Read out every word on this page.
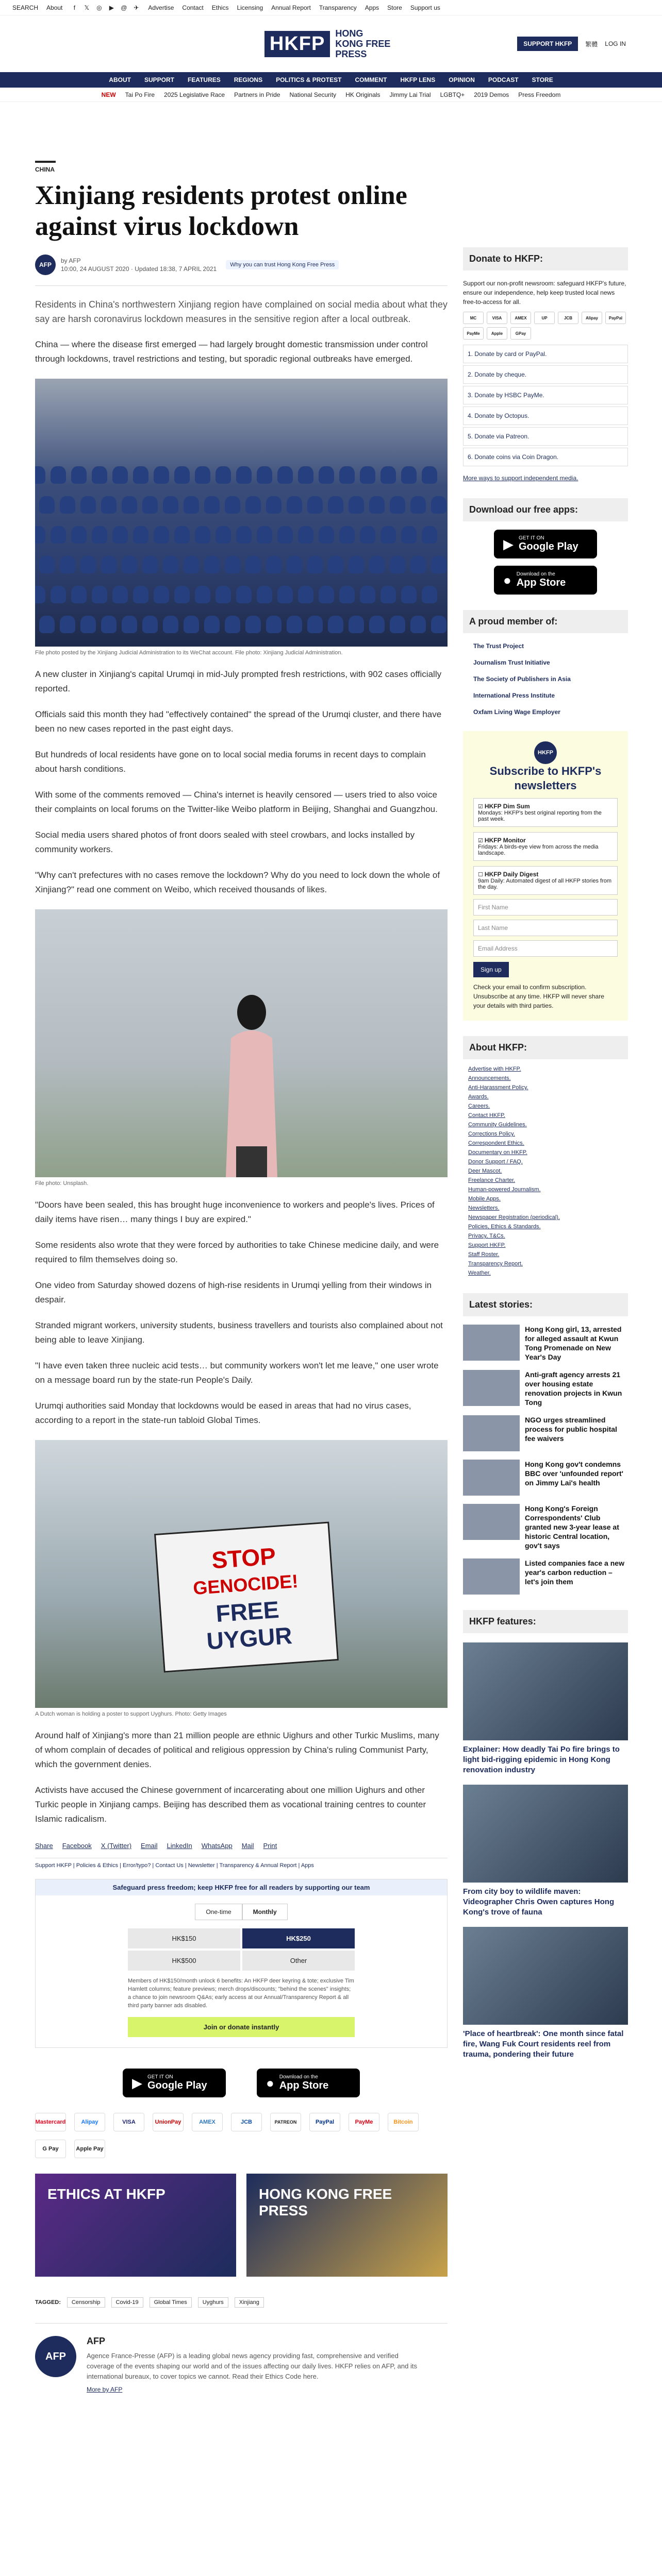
SEARCH About	f	𝕏 ◎ ▶ @ ✈ Advertise Contact Ethics Licensing Annual Report Transparency Apps Store Support us
HKFP	HONG KONG FREE PRESS
SUPPORT HKFP	繁體 LOG IN
ABOUT SUPPORT FEATURES REGIONS POLITICS & PROTEST COMMENT HKFP LENS OPINION PODCAST STORE
NEW Tai Po Fire 2025 Legislative Race Partners in Pride National Security HK Originals Jimmy Lai Trial LGBTQ+ 2019 Demos Press Freedom
CHINA
Xinjiang residents protest online against virus lockdown
AFP
by AFP
10:00, 24 AUGUST 2020 · Updated 18:38, 7 APRIL 2021
Why you can trust Hong Kong Free Press

Residents in China's northwestern Xinjiang region have complained on social media about what they say are harsh coronavirus lockdown measures in the sensitive region after a local outbreak.

China — where the disease first emerged — had largely brought domestic transmission under control through lockdowns, travel restrictions and testing, but sporadic regional outbreaks have emerged.

File photo posted by the Xinjiang Judicial Administration to its WeChat account. File photo: Xinjiang Judicial Administration.

A new cluster in Xinjiang's capital Urumqi in mid-July prompted fresh restrictions, with 902 cases officially reported.

Officials said this month they had "effectively contained" the spread of the Urumqi cluster, and there have been no new cases reported in the past eight days.

But hundreds of local residents have gone on to local social media forums in recent days to complain about harsh conditions.

With some of the comments removed — China's internet is heavily censored — users tried to also voice their complaints on local forums on the Twitter-like Weibo platform in Beijing, Shanghai and Guangzhou.

Social media users shared photos of front doors sealed with steel crowbars, and locks installed by community workers.

"Why can't prefectures with no cases remove the lockdown? Why do you need to lock down the whole of Xinjiang?" read one comment on Weibo, which received thousands of likes.

File photo: Unsplash.

"Doors have been sealed, this has brought huge inconvenience to workers and people's lives. Prices of daily items have risen… many things I buy are expired."

Some residents also wrote that they were forced by authorities to take Chinese medicine daily, and were required to film themselves doing so.

One video from Saturday showed dozens of high-rise residents in Urumqi yelling from their windows in despair.

Stranded migrant workers, university students, business travellers and tourists also complained about not being able to leave Xinjiang.

"I have even taken three nucleic acid tests… but community workers won't let me leave," one user wrote on a message board run by the state-run People's Daily.

Urumqi authorities said Monday that lockdowns would be eased in areas that had no virus cases, according to a report in the state-run tabloid Global Times.

STOP
GENOCIDE!
FREE
UYGUR
A Dutch woman is holding a poster to support Uyghurs. Photo: Getty Images

Around half of Xinjiang's more than 21 million people are ethnic Uighurs and other Turkic Muslims, many of whom complain of decades of political and religious oppression by China's ruling Communist Party, which the government denies.

Activists have accused the Chinese government of incarcerating about one million Uighurs and other Turkic people in Xinjiang camps. Beijing has described them as vocational training centres to counter Islamic radicalism.

Share Facebook X (Twitter) Email LinkedIn WhatsApp Mail Print
Support HKFP | Policies & Ethics | Error/typo? | Contact Us | Newsletter | Transparency & Annual Report | Apps
Safeguard press freedom; keep HKFP free for all readers by supporting our team
One-time	Monthly
HK$150	HK$250
HK$500	Other
Members of HK$150/month unlock 6 benefits: An HKFP deer keyring & tote; exclusive Tim Hamlett columns; feature previews; merch drops/discounts; "behind the scenes" insights; a chance to join newsroom Q&As; early access at our Annual/Transparency Report & all third party banner ads disabled.
Join or donate instantly
▶ GET IT ON
Google Play	● Download on the
App Store
Mastercard	Alipay	VISA	UnionPay	AMEX	JCB	PATREON	PayPal	PayMe	Bitcoin
G Pay	Apple Pay
ETHICS AT HKFP	HONG KONG FREE PRESS
TAGGED:	Censorship	Covid-19	Global Times	Uyghurs	Xinjiang
AFP
AFP
Agence France-Presse (AFP) is a leading global news agency providing fast, comprehensive and verified coverage of the events shaping our world and of the issues affecting our daily lives. HKFP relies on AFP, and its international bureaux, to cover topics we cannot. Read their Ethics Code here.
More by AFP
Donate to HKFP:

Support our non-profit newsroom: safeguard HKFP's future, ensure our independence, help keep trusted local news free-to-access for all.

MC	VISA	AMEX	UP	JCB	Alipay	PayPal
PayMe	Apple	GPay
1. Donate by card or PayPal.
2. Donate by cheque.
3. Donate by HSBC PayMe.
4. Donate by Octopus.
5. Donate via Patreon.
6. Donate coins via Coin Dragon.

More ways to support independent media.

Download our free apps:
▶ GET IT ON
Google Play
● Download on the
App Store
A proud member of:
The Trust Project
Journalism Trust Initiative
The Society of Publishers in Asia
International Press Institute
Oxfam Living Wage Employer
HKFP
Subscribe to HKFP's newsletters
☑ HKFP Dim Sum
Mondays: HKFP's best original reporting from the past week.
☑ HKFP Monitor
Fridays: A birds-eye view from across the media landscape.
☐ HKFP Daily Digest
9am Daily: Automated digest of all HKFP stories from the day.
First Name
Last Name
Email Address
Sign up

Check your email to confirm subscription. Unsubscribe at any time. HKFP will never share your details with third parties.

About HKFP:
Advertise with HKFP.
Announcements.
Anti-Harassment Policy.
Awards.
Careers.
Contact HKFP.
Community Guidelines.
Corrections Policy.
Correspondent Ethics.
Documentary on HKFP.
Donor Support / FAQ.
Deer Mascot.
Freelance Charter.
Human-powered Journalism.
Mobile Apps.
Newsletters.
Newspaper Registration (periodical).
Policies, Ethics & Standards.
Privacy, T&Cs.
Support HKFP.
Staff Roster.
Transparency Report.
Weather.
Latest stories:
Hong Kong girl, 13, arrested for alleged assault at Kwun Tong Promenade on New Year's Day
Anti-graft agency arrests 21 over housing estate renovation projects in Kwun Tong
NGO urges streamlined process for public hospital fee waivers
Hong Kong gov't condemns BBC over 'unfounded report' on Jimmy Lai's health
Hong Kong's Foreign Correspondents' Club granted new 3-year lease at historic Central location, gov't says
Listed companies face a new year's carbon reduction – let's join them
HKFP features:
Explainer: How deadly Tai Po fire brings to light bid-rigging epidemic in Hong Kong renovation industry
From city boy to wildlife maven: Videographer Chris Owen captures Hong Kong's trove of fauna
'Place of heartbreak': One month since fatal fire, Wang Fuk Court residents reel from trauma, pondering their future
